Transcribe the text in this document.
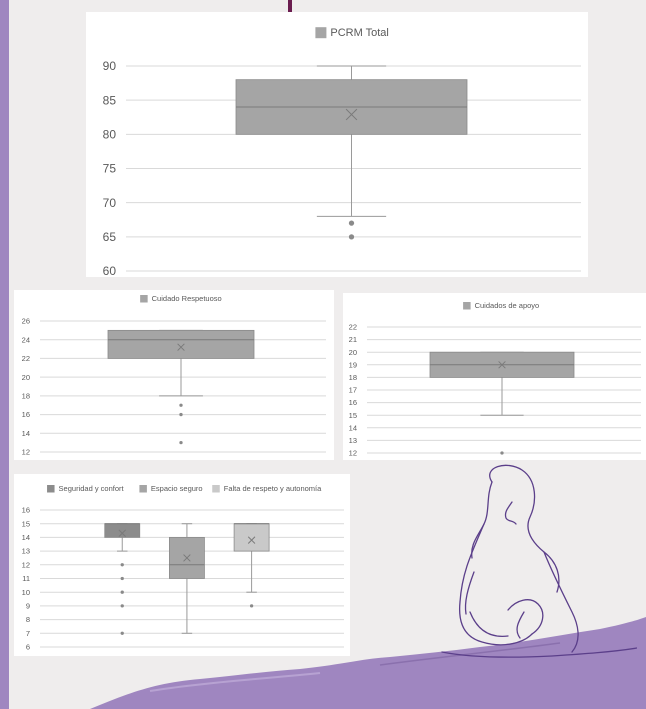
60
65
70
75
80
85
90
PCRM Total
12
14
16
18
20
22
24
26
Cuidado Respetuoso
12
13
14
15
16
17
18
19
20
21
22
Cuidados de apoyo
6
7
8
9
10
11
12
13
14
15
16
Seguridad y confort	Espacio seguro	Falta de respeto y autonomía
